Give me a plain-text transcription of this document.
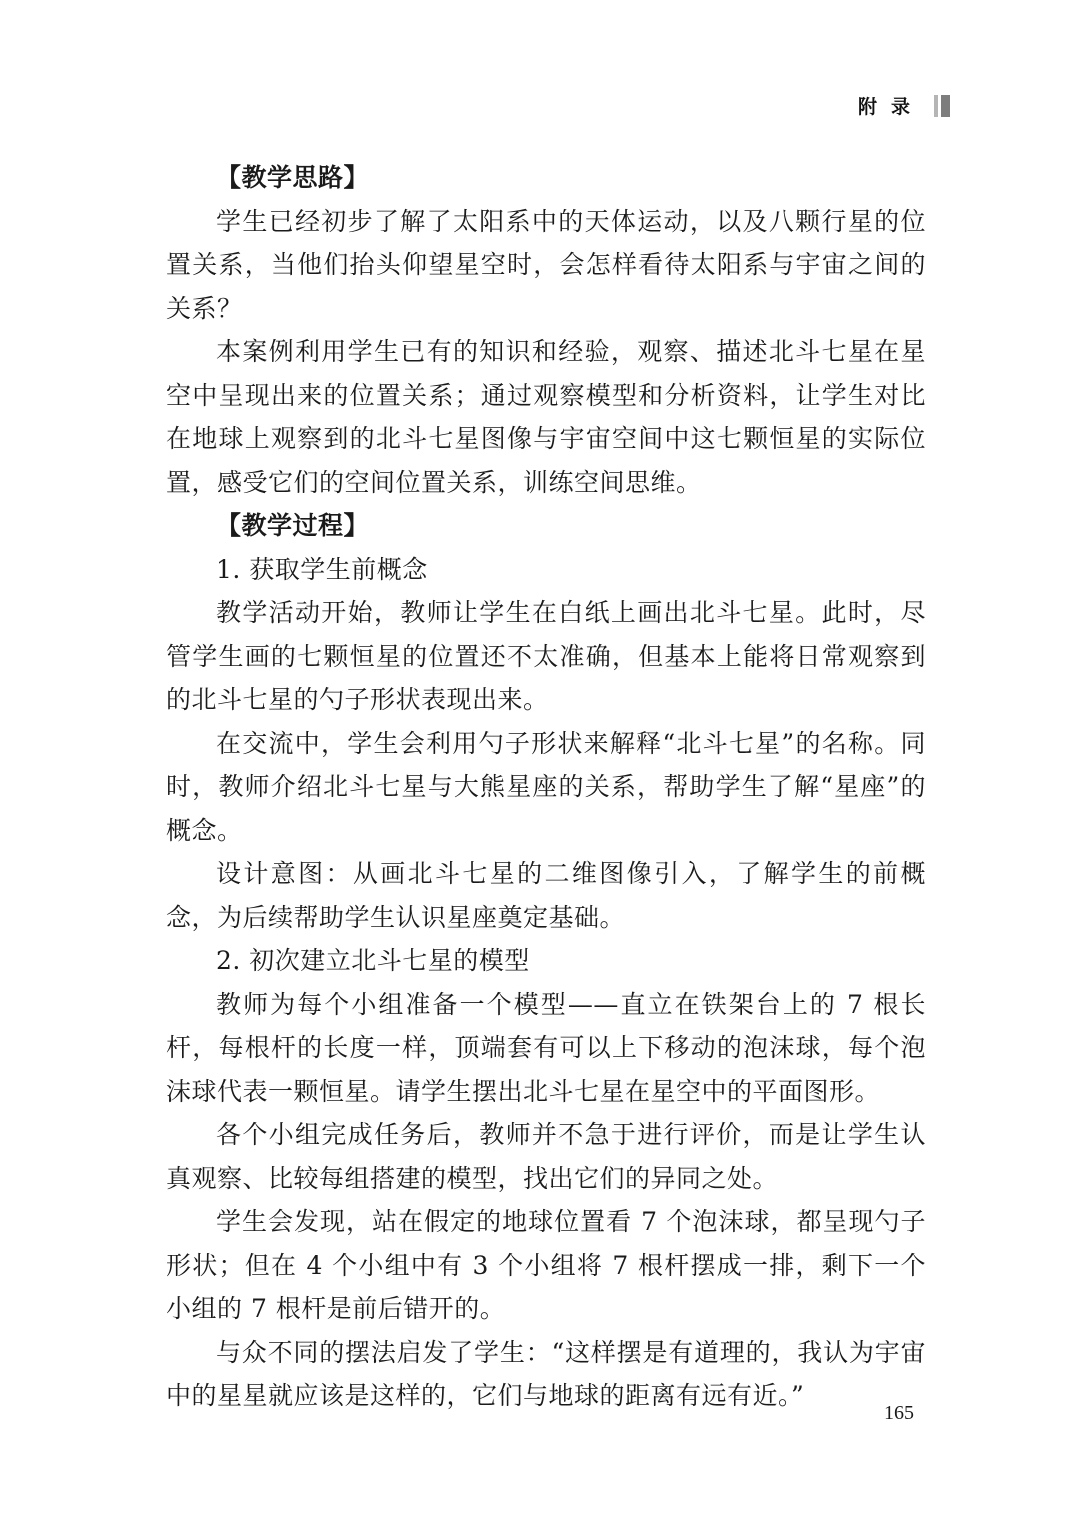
附录

【教学思路】

学生已经初步了解了太阳系中的天体运动，以及八颗行星的位置关系，当他们抬头仰望星空时，会怎样看待太阳系与宇宙之间的关系？

本案例利用学生已有的知识和经验，观察、描述北斗七星在星空中呈现出来的位置关系；通过观察模型和分析资料，让学生对比在地球上观察到的北斗七星图像与宇宙空间中这七颗恒星的实际位置，感受它们的空间位置关系，训练空间思维。

【教学过程】

1. 获取学生前概念

教学活动开始，教师让学生在白纸上画出北斗七星。此时，尽管学生画的七颗恒星的位置还不太准确，但基本上能将日常观察到的北斗七星的勺子形状表现出来。

在交流中，学生会利用勺子形状来解释“北斗七星”的名称。同时，教师介绍北斗七星与大熊星座的关系，帮助学生了解“星座”的概念。

设计意图：从画北斗七星的二维图像引入，了解学生的前概念，为后续帮助学生认识星座奠定基础。

2. 初次建立北斗七星的模型

教师为每个小组准备一个模型——直立在铁架台上的 7 根长杆，每根杆的长度一样，顶端套有可以上下移动的泡沫球，每个泡沫球代表一颗恒星。请学生摆出北斗七星在星空中的平面图形。

各个小组完成任务后，教师并不急于进行评价，而是让学生认真观察、比较每组搭建的模型，找出它们的异同之处。

学生会发现，站在假定的地球位置看 7 个泡沫球，都呈现勺子形状；但在 4 个小组中有 3 个小组将 7 根杆摆成一排，剩下一个小组的 7 根杆是前后错开的。

与众不同的摆法启发了学生：“这样摆是有道理的，我认为宇宙中的星星就应该是这样的，它们与地球的距离有远有近。”

165
